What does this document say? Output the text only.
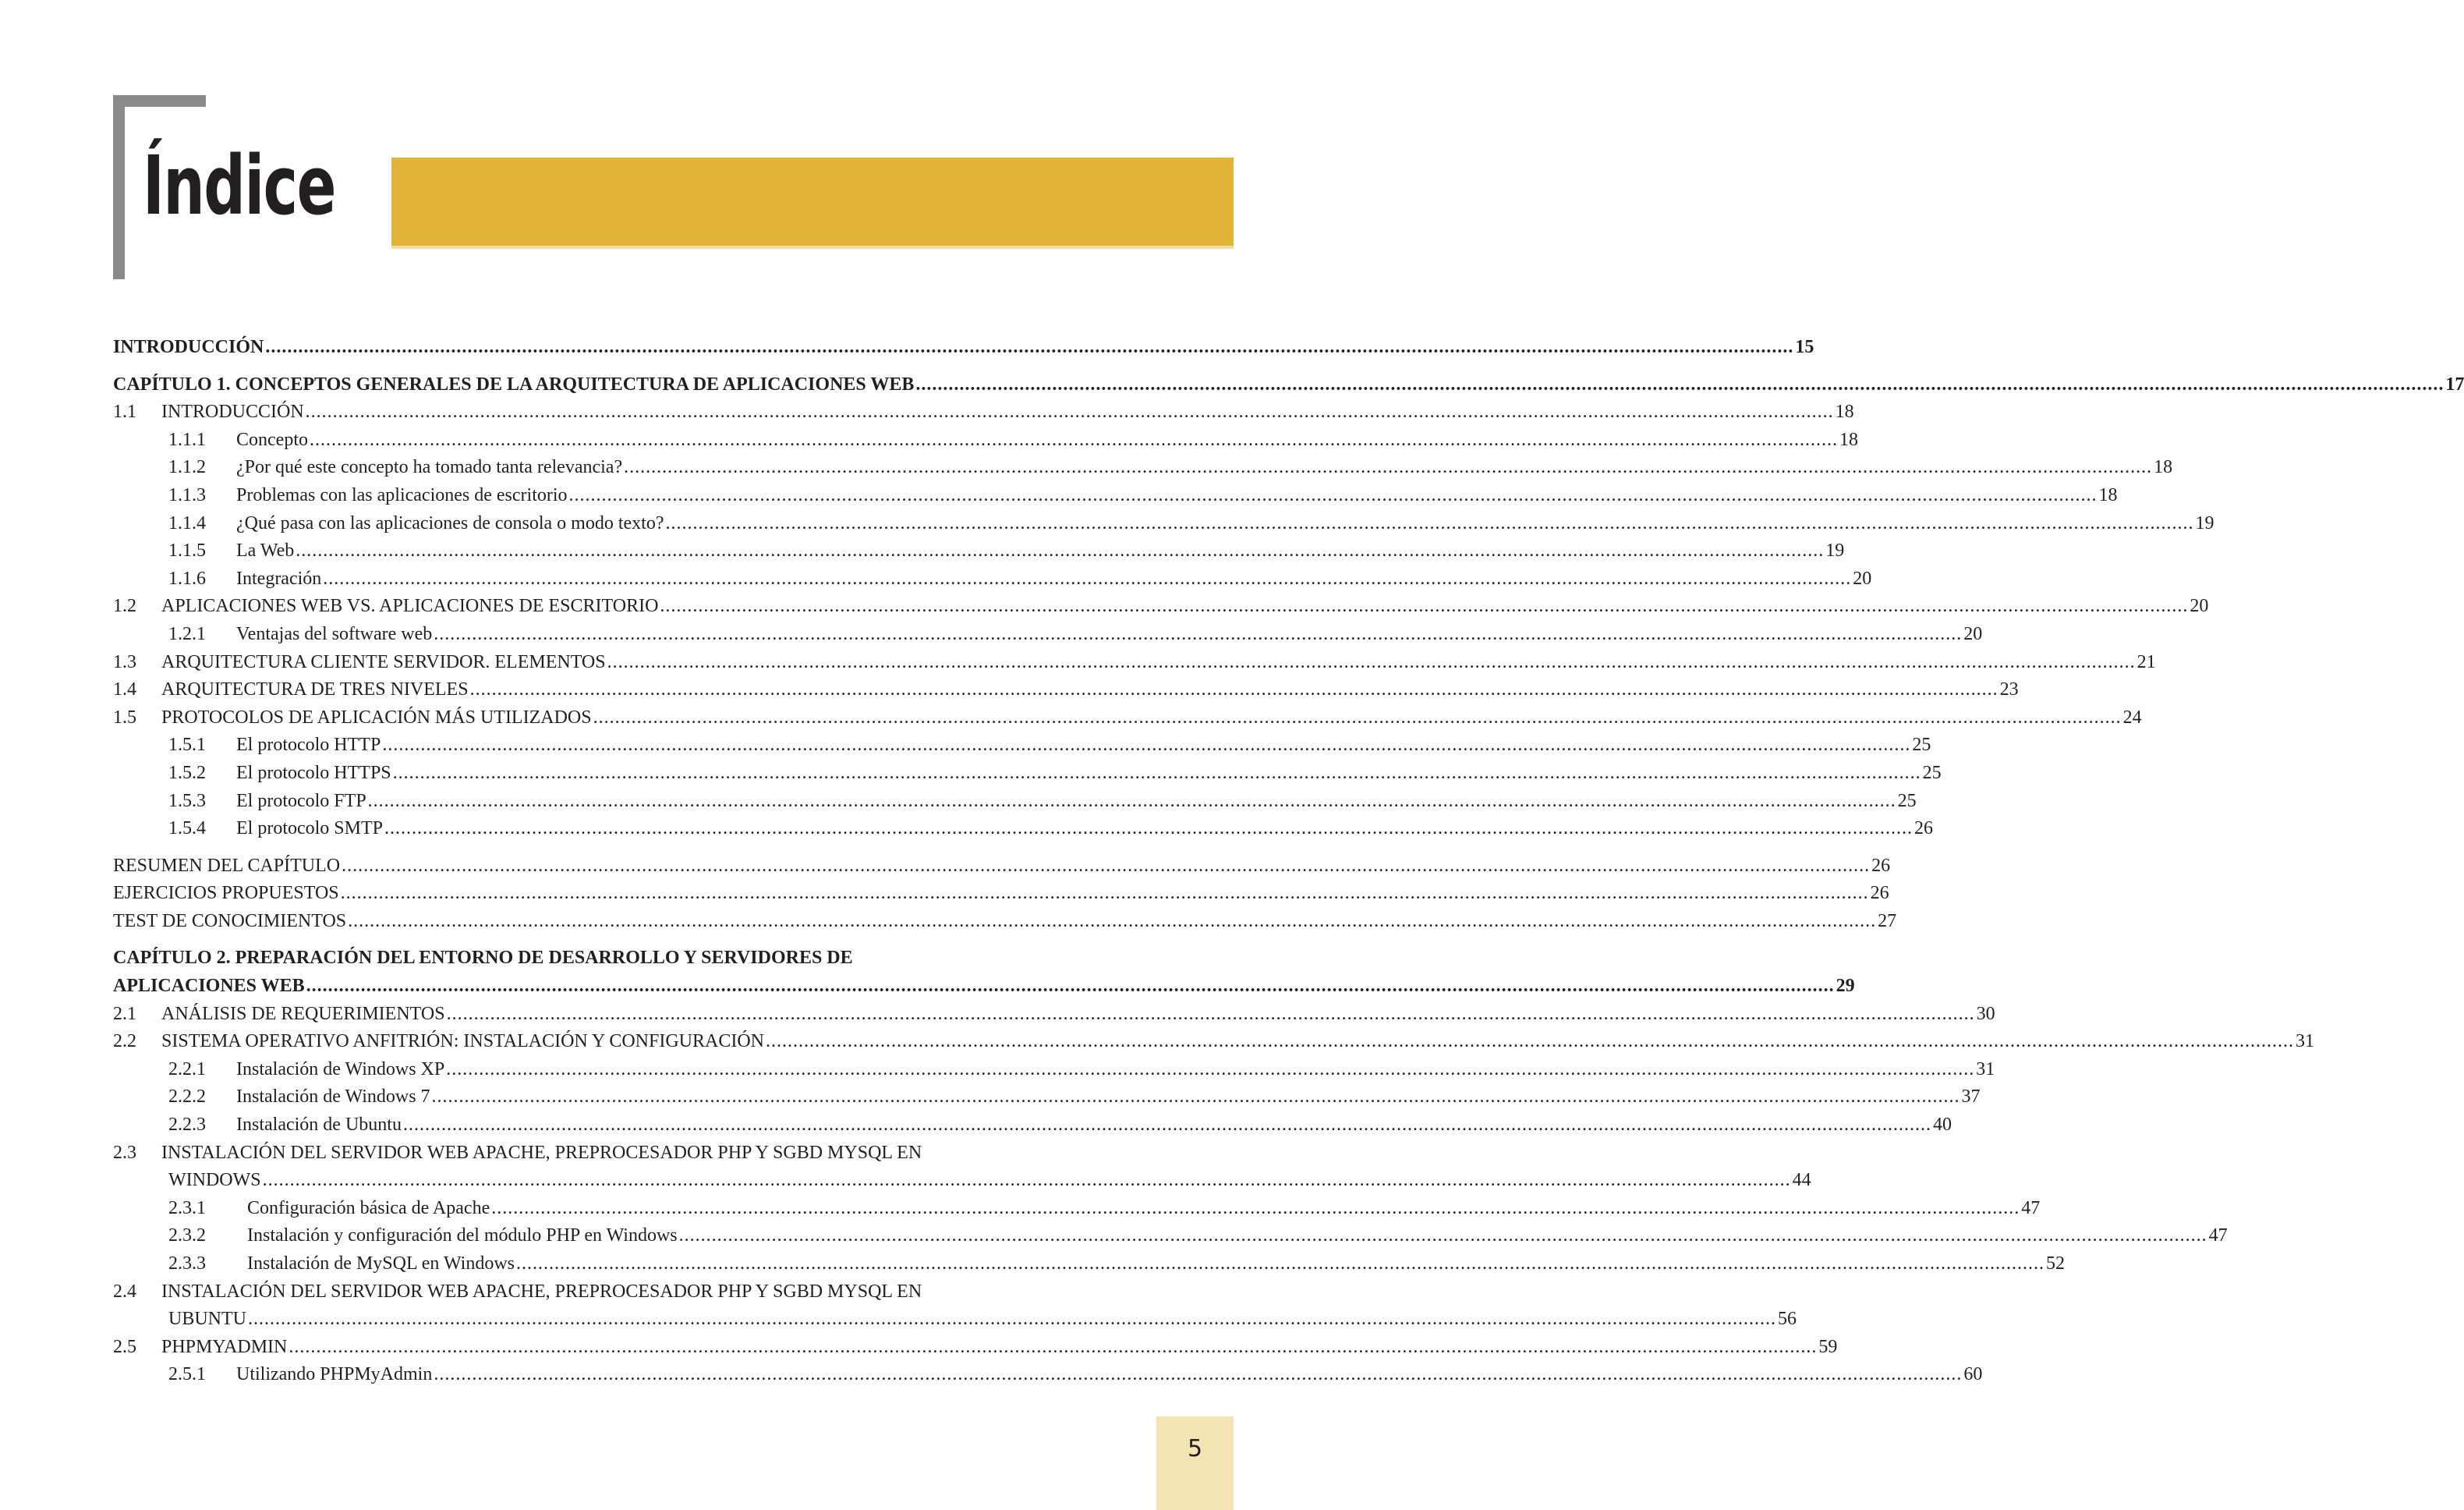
Índice
INTRODUCCIÓN .....	15
CAPÍTULO 1. CONCEPTOS GENERALES DE LA ARQUITECTURA DE APLICACIONES WEB .....	17
1.1	INTRODUCCIÓN .....	18
1.1.1	Concepto .....	18
1.1.2	¿Por qué este concepto ha tomado tanta relevancia? .....	18
1.1.3	Problemas con las aplicaciones de escritorio .....	18
1.1.4	¿Qué pasa con las aplicaciones de consola o modo texto? .....	19
1.1.5	La Web .....	19
1.1.6	Integración .....	20
1.2	APLICACIONES WEB VS. APLICACIONES DE ESCRITORIO .....	20
1.2.1	Ventajas del software web .....	20
1.3	ARQUITECTURA CLIENTE SERVIDOR. ELEMENTOS .....	21
1.4	ARQUITECTURA DE TRES NIVELES .....	23
1.5	PROTOCOLOS DE APLICACIÓN MÁS UTILIZADOS .....	24
1.5.1	El protocolo HTTP .....	25
1.5.2	El protocolo HTTPS .....	25
1.5.3	El protocolo FTP .....	25
1.5.4	El protocolo SMTP .....	26
RESUMEN DEL CAPÍTULO .....	26
EJERCICIOS PROPUESTOS .....	26
TEST DE CONOCIMIENTOS .....	27
CAPÍTULO 2. PREPARACIÓN DEL ENTORNO DE DESARROLLO Y SERVIDORES DE
APLICACIONES WEB .....	29
2.1	ANÁLISIS DE REQUERIMIENTOS .....	30
2.2	SISTEMA OPERATIVO ANFITRIÓN: INSTALACIÓN Y CONFIGURACIÓN .....	31
2.2.1	Instalación de Windows XP .....	31
2.2.2	Instalación de Windows 7 .....	37
2.2.3	Instalación de Ubuntu .....	40
2.3	INSTALACIÓN DEL SERVIDOR WEB APACHE, PREPROCESADOR PHP Y SGBD MYSQL EN
WINDOWS .....	44
2.3.1	Configuración básica de Apache .....	47
2.3.2	Instalación y configuración del módulo PHP en Windows .....	47
2.3.3	Instalación de MySQL en Windows .....	52
2.4	INSTALACIÓN DEL SERVIDOR WEB APACHE, PREPROCESADOR PHP Y SGBD MYSQL EN
UBUNTU .....	56
2.5	PHPMYADMIN .....	59
2.5.1	Utilizando PHPMyAdmin .....	60
5
